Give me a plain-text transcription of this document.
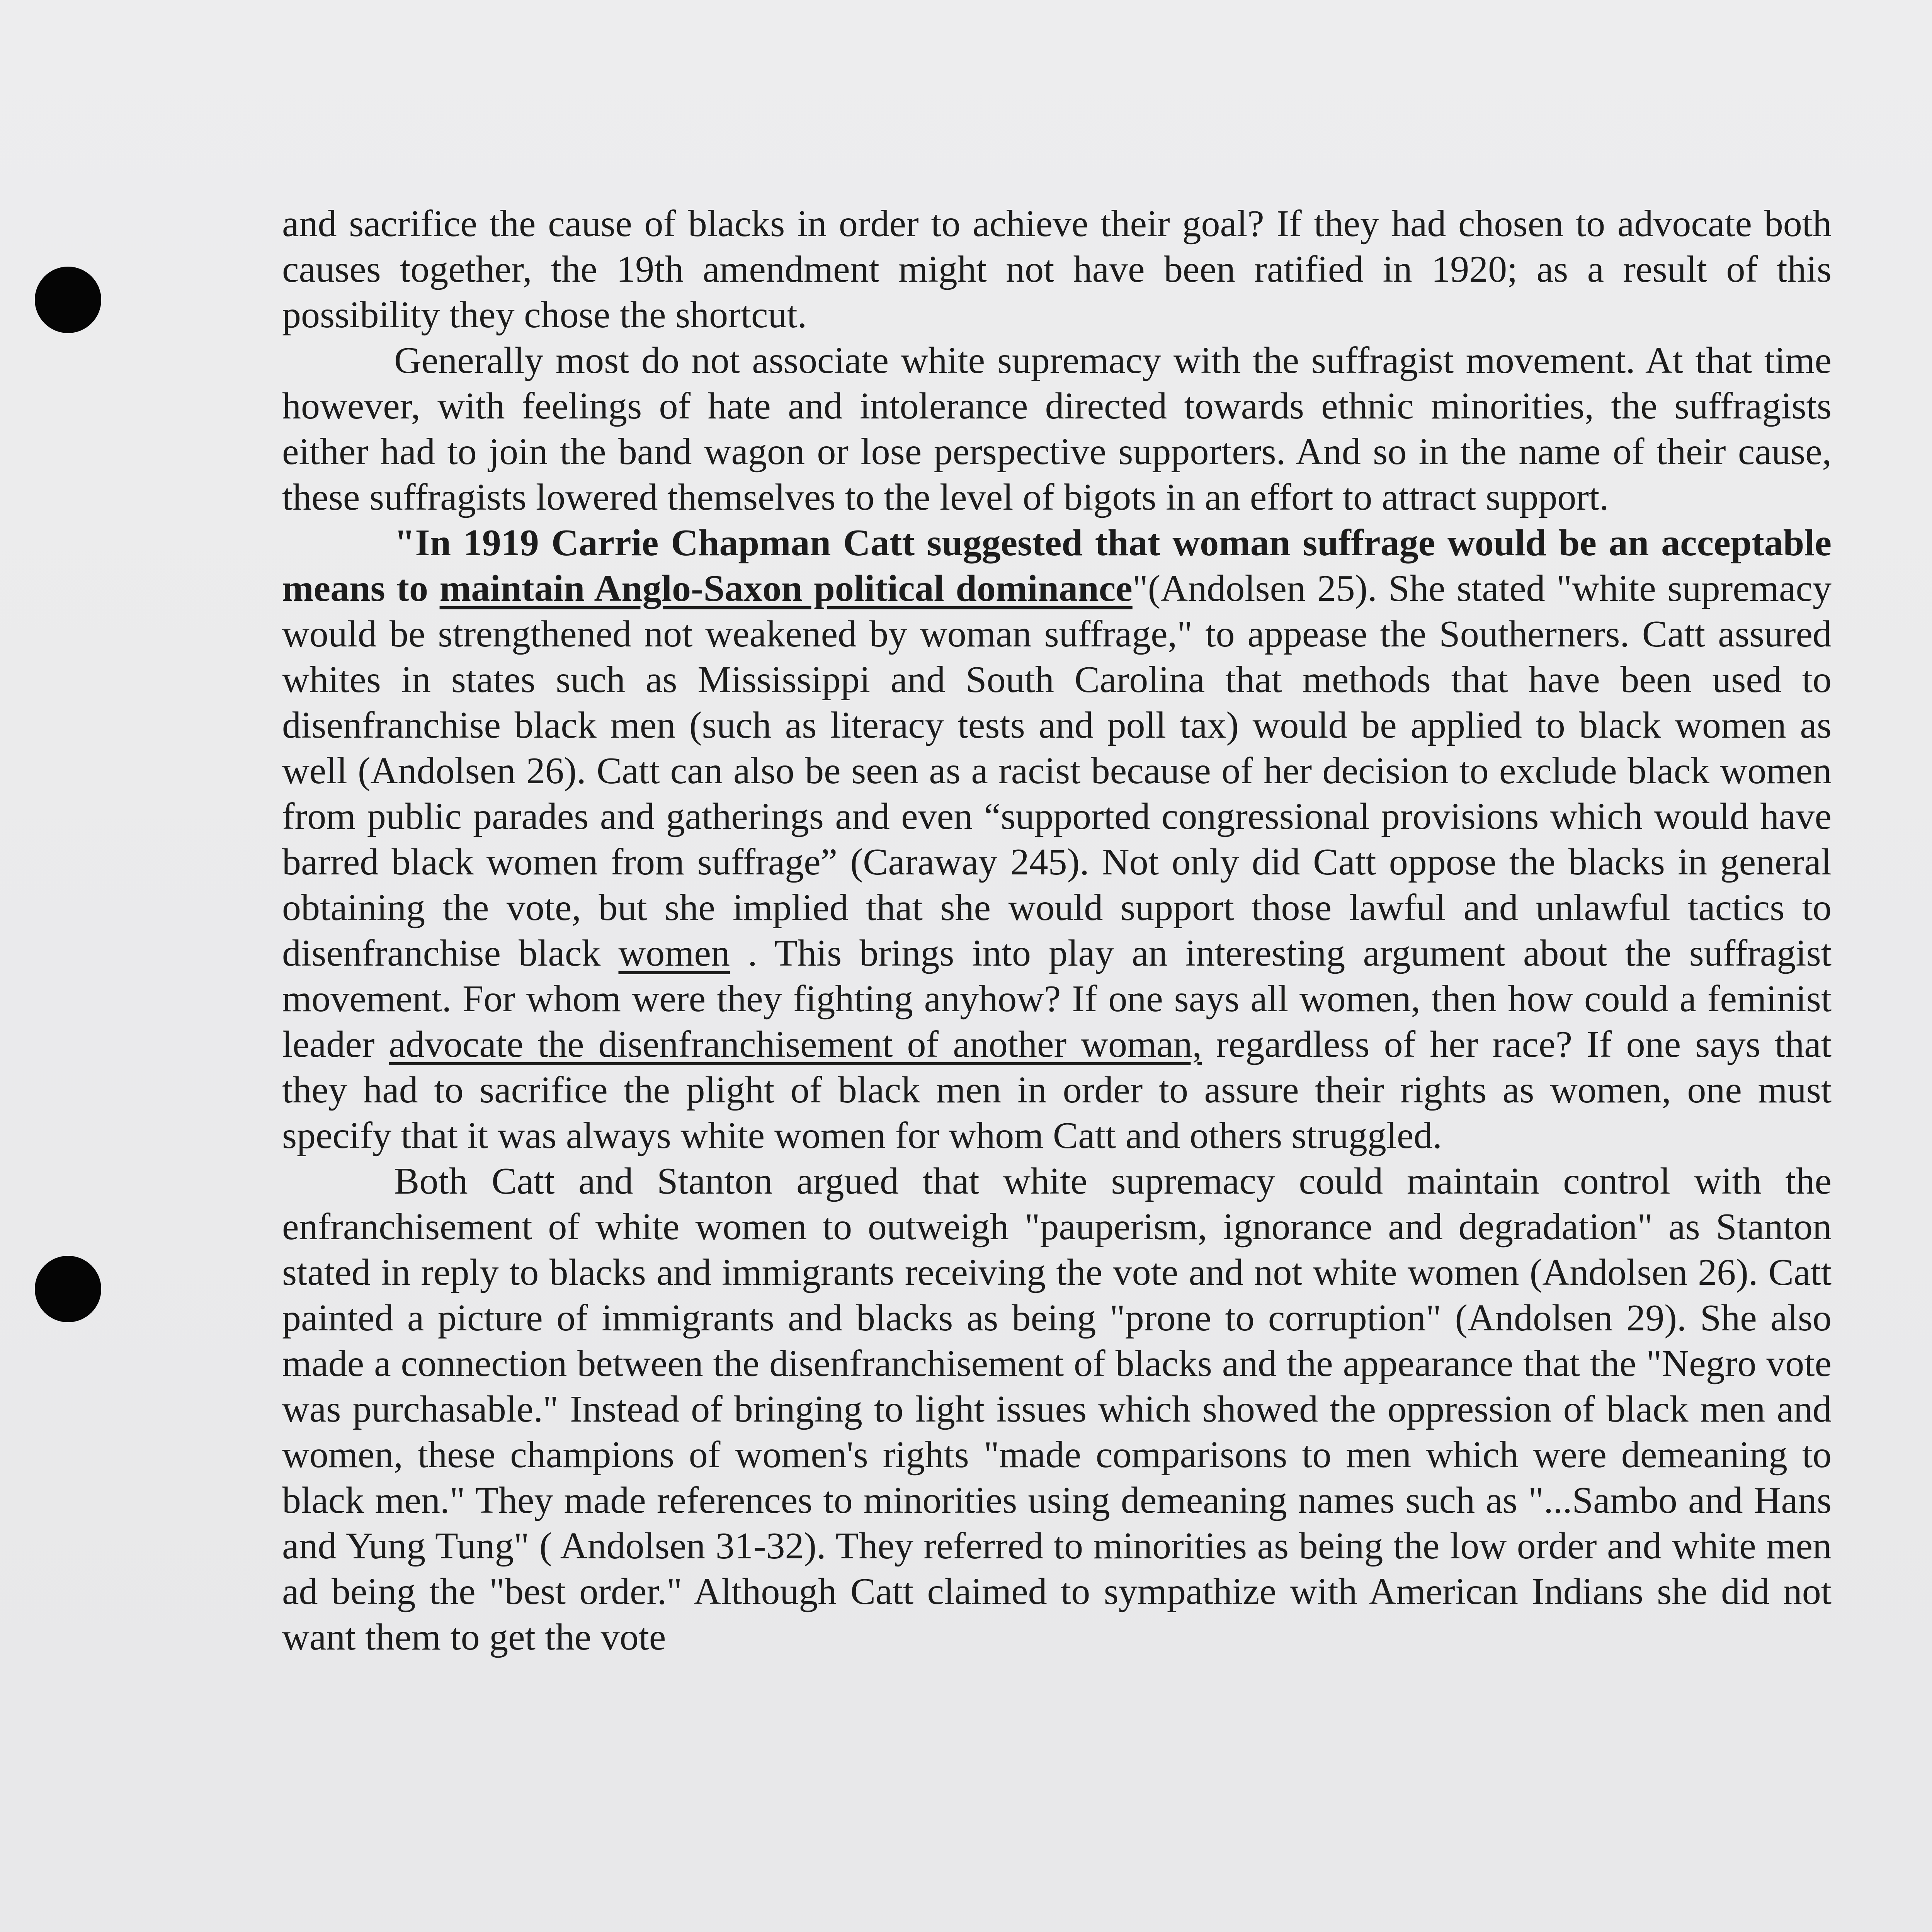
and sacrifice the cause of blacks in order to achieve their goal? If they had chosen to advocate both causes together, the 19th amendment might not have been ratified in 1920; as a result of this possibility they chose the shortcut.

Generally most do not associate white supremacy with the suffragist movement. At that time however, with feelings of hate and intolerance directed towards ethnic minorities, the suffragists either had to join the band wagon or lose perspective supporters. And so in the name of their cause, these suffragists lowered themselves to the level of bigots in an effort to attract support.

"In 1919 Carrie Chapman Catt suggested that woman suffrage would be an acceptable means to maintain Anglo-Saxon political dominance"(Andolsen 25). She stated "white supremacy would be strengthened not weakened by woman suffrage," to appease the Southerners. Catt assured whites in states such as Mississippi and South Carolina that methods that have been used to disenfranchise black men (such as literacy tests and poll tax) would be applied to black women as well (Andolsen 26). Catt can also be seen as a racist because of her decision to exclude black women from public parades and gatherings and even “supported congressional provisions which would have barred black women from suffrage” (Caraway 245). Not only did Catt oppose the blacks in general obtaining the vote, but she implied that she would support those lawful and unlawful tactics to disenfranchise black women . This brings into play an interesting argument about the suffragist movement. For whom were they fighting anyhow? If one says all women, then how could a feminist leader advocate the disenfranchisement of another woman, regardless of her race? If one says that they had to sacrifice the plight of black men in order to assure their rights as women, one must specify that it was always white women for whom Catt and others struggled.

Both Catt and Stanton argued that white supremacy could maintain control with the enfranchisement of white women to outweigh "pauperism, ignorance and degradation" as Stanton stated in reply to blacks and immigrants receiving the vote and not white women (Andolsen 26). Catt painted a picture of immigrants and blacks as being "prone to corruption" (Andolsen 29). She also made a connection between the disenfranchisement of blacks and the appearance that the "Negro vote was purchasable." Instead of bringing to light issues which showed the oppression of black men and women, these champions of women's rights "made comparisons to men which were demeaning to black men." They made references to minorities using demeaning names such as "...Sambo and Hans and Yung Tung" ( Andolsen 31-32). They referred to minorities as being the low order and white men ad being the "best order." Although Catt claimed to sympathize with American Indians she did not want them to get the vote
